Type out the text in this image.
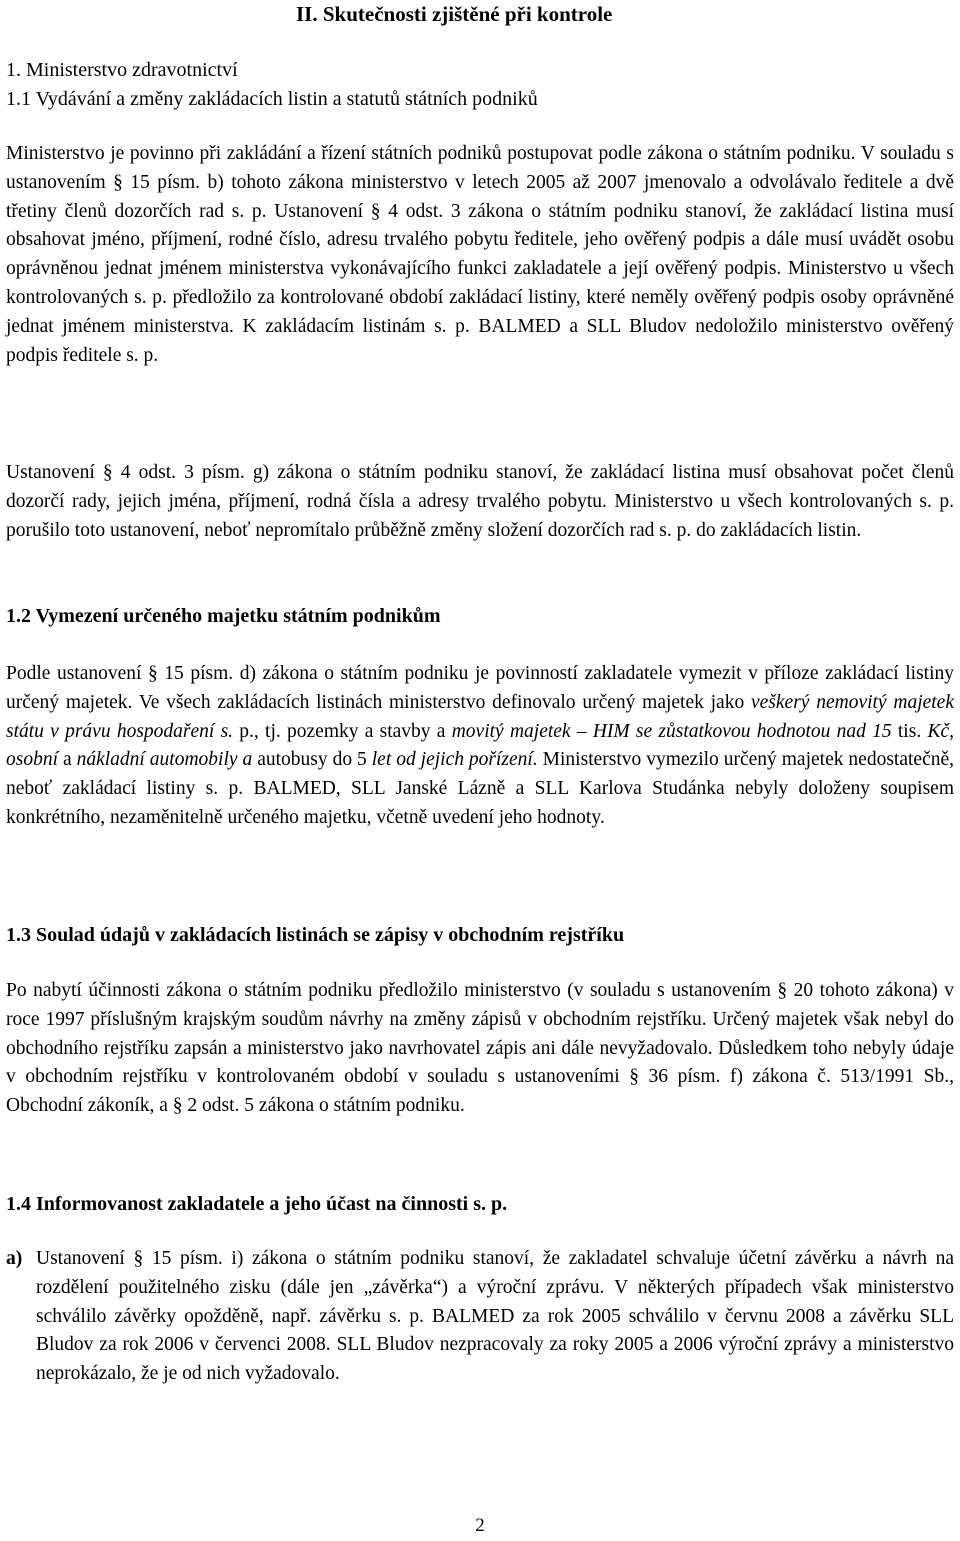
II. Skutečnosti zjištěné při kontrole
1. Ministerstvo zdravotnictví
1.1 Vydávání a změny zakládacích listin a statutů státních podniků

Ministerstvo je povinno při zakládání a řízení státních podniků postupovat podle zákona o státním podniku. V souladu s ustanovením § 15 písm. b) tohoto zákona ministerstvo v letech 2005 až 2007 jmenovalo a odvolávalo ředitele a dvě třetiny členů dozorčích rad s. p. Ustanovení § 4 odst. 3 zákona o státním podniku stanoví, že zakládací listina musí obsahovat jméno, příjmení, rodné číslo, adresu trvalého pobytu ředitele, jeho ověřený podpis a dále musí uvádět osobu oprávněnou jednat jménem ministerstva vykonávajícího funkci zakladatele a její ověřený podpis. Ministerstvo u všech kontrolovaných s. p. předložilo za kontrolované období zakládací listiny, které neměly ověřený podpis osoby oprávněné jednat jménem ministerstva. K zakládacím listinám s. p. BALMED a SLL Bludov nedoložilo ministerstvo ověřený podpis ředitele s. p.

Ustanovení § 4 odst. 3 písm. g) zákona o státním podniku stanoví, že zakládací listina musí obsahovat počet členů dozorčí rady, jejich jména, příjmení, rodná čísla a adresy trvalého pobytu. Ministerstvo u všech kontrolovaných s. p. porušilo toto ustanovení, neboť nepromítalo průběžně změny složení dozorčích rad s. p. do zakládacích listin.

1.2 Vymezení určeného majetku státním podnikům

Podle ustanovení § 15 písm. d) zákona o státním podniku je povinností zakladatele vymezit v příloze zakládací listiny určený majetek. Ve všech zakládacích listinách ministerstvo definovalo určený majetek jako veškerý nemovitý majetek státu v právu hospodaření s. p., tj. pozemky a stavby a movitý majetek – HIM se zůstatkovou hodnotou nad 15 tis. Kč, osobní a nákladní automobily a autobusy do 5 let od jejich pořízení. Ministerstvo vymezilo určený majetek nedostatečně, neboť zakládací listiny s. p. BALMED, SLL Janské Lázně a SLL Karlova Studánka nebyly doloženy soupisem konkrétního, nezaměnitelně určeného majetku, včetně uvedení jeho hodnoty.

1.3 Soulad údajů v zakládacích listinách se zápisy v obchodním rejstříku

Po nabytí účinnosti zákona o státním podniku předložilo ministerstvo (v souladu s ustanovením § 20 tohoto zákona) v roce 1997 příslušným krajským soudům návrhy na změny zápisů v obchodním rejstříku. Určený majetek však nebyl do obchodního rejstříku zapsán a ministerstvo jako navrhovatel zápis ani dále nevyžadovalo. Důsledkem toho nebyly údaje v obchodním rejstříku v kontrolovaném období v souladu s ustanoveními § 36 písm. f) zákona č. 513/1991 Sb., Obchodní zákoník, a § 2 odst. 5 zákona o státním podniku.

1.4 Informovanost zakladatele a jeho účast na činnosti s. p.

a) Ustanovení § 15 písm. i) zákona o státním podniku stanoví, že zakladatel schvaluje účetní závěrku a návrh na rozdělení použitelného zisku (dále jen „závěrka“) a výroční zprávu. V některých případech však ministerstvo schválilo závěrky opožděně, např. závěrku s. p. BALMED za rok 2005 schválilo v červnu 2008 a závěrku SLL Bludov za rok 2006 v červenci 2008. SLL Bludov nezpracovaly za roky 2005 a 2006 výroční zprávy a ministerstvo neprokázalo, že je od nich vyžadovalo.

2
